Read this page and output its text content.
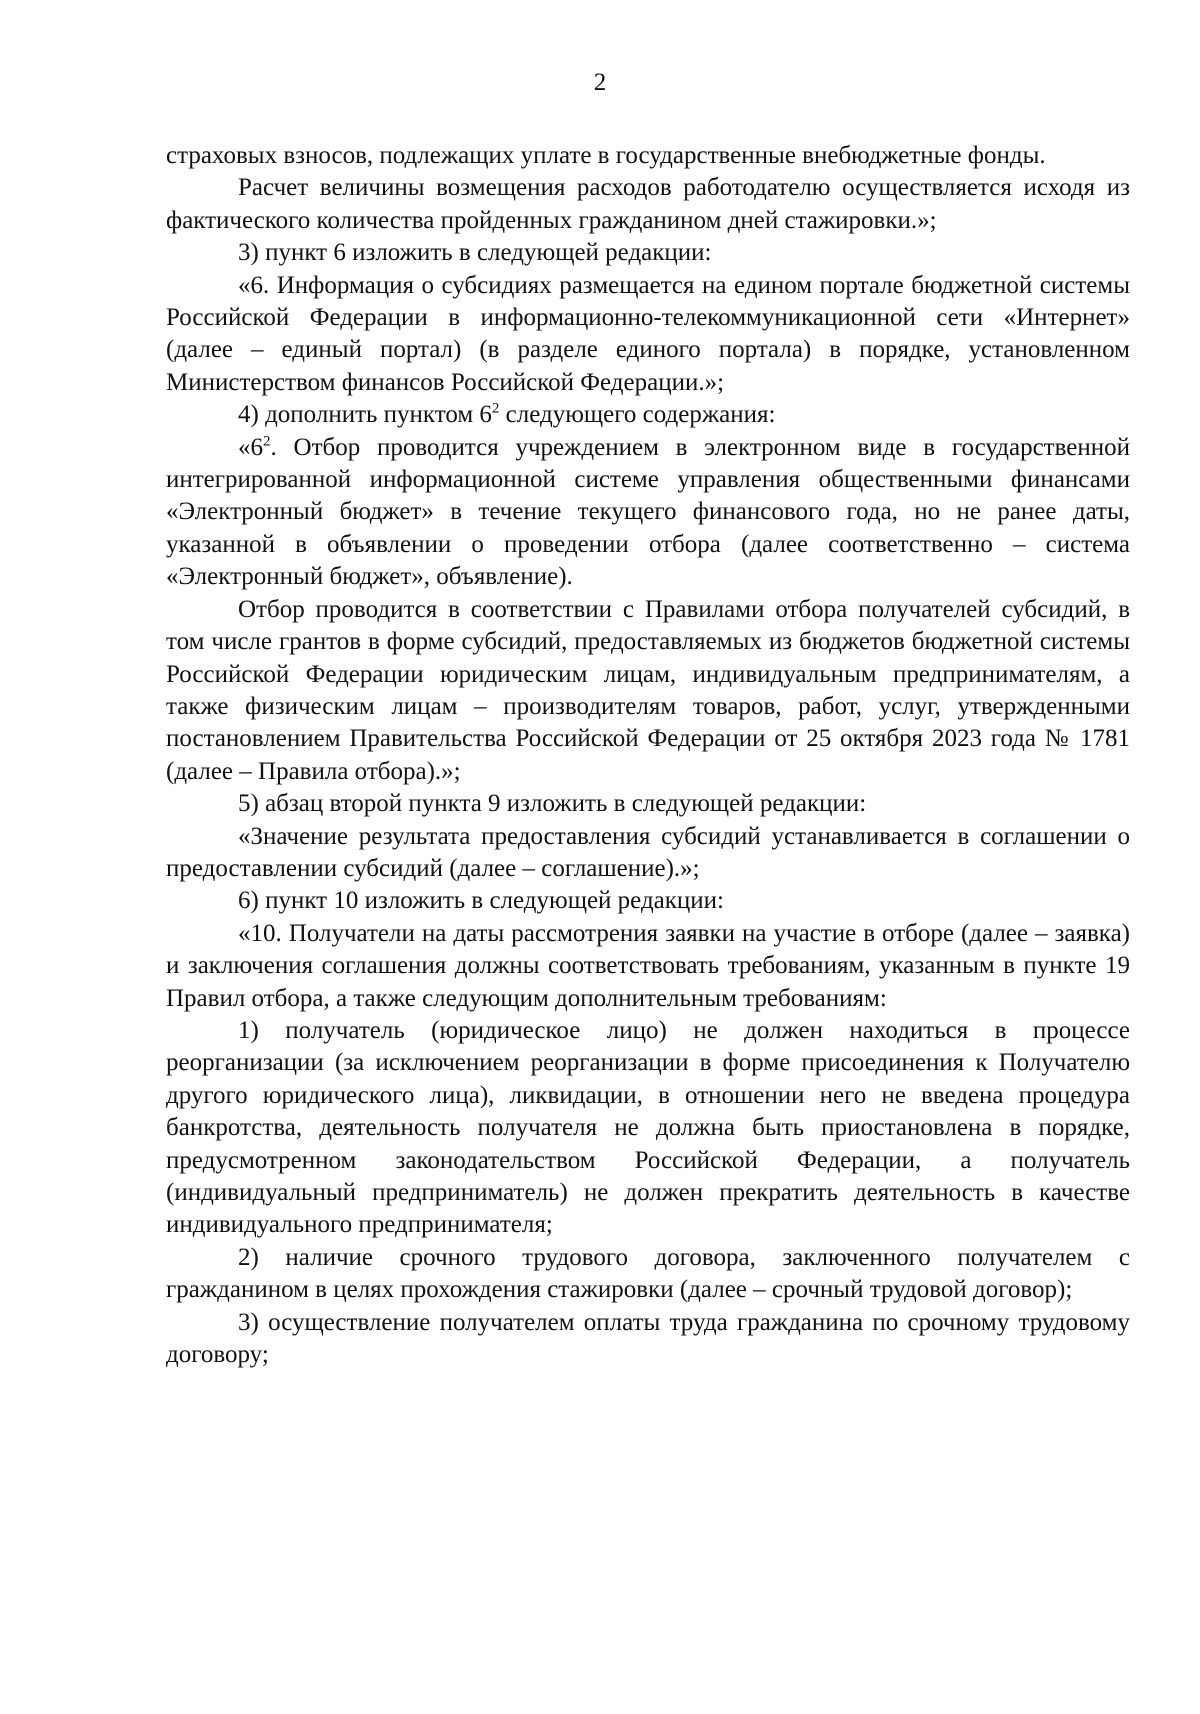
2

страховых взносов, подлежащих уплате в государственные внебюджетные фонды.

Расчет величины возмещения расходов работодателю осуществляется исходя из фактического количества пройденных гражданином дней стажировки.»;

3) пункт 6 изложить в следующей редакции:

«6. Информация о субсидиях размещается на едином портале бюджетной системы Российской Федерации в информационно-телекоммуникационной сети «Интернет» (далее – единый портал) (в разделе единого портала) в порядке, установленном Министерством финансов Российской Федерации.»;

4) дополнить пунктом $6^2$ следующего содержания:

«$6^2$. Отбор проводится учреждением в электронном виде в государственной интегрированной информационной системе управления общественными финансами «Электронный бюджет» в течение текущего финансового года, но не ранее даты, указанной в объявлении о проведении отбора (далее соответственно – система «Электронный бюджет», объявление).

Отбор проводится в соответствии с Правилами отбора получателей субсидий, в том числе грантов в форме субсидий, предоставляемых из бюджетов бюджетной системы Российской Федерации юридическим лицам, индивидуальным предпринимателям, а также физическим лицам – производителям товаров, работ, услуг, утвержденными постановлением Правительства Российской Федерации от 25 октября 2023 года № 1781 (далее – Правила отбора).»;

5) абзац второй пункта 9 изложить в следующей редакции:

«Значение результата предоставления субсидий устанавливается в соглашении о предоставлении субсидий (далее – соглашение).»;

6) пункт 10 изложить в следующей редакции:

«10. Получатели на даты рассмотрения заявки на участие в отборе (далее – заявка) и заключения соглашения должны соответствовать требованиям, указанным в пункте 19 Правил отбора, а также следующим дополнительным требованиям:

1) получатель (юридическое лицо) не должен находиться в процессе реорганизации (за исключением реорганизации в форме присоединения к Получателю другого юридического лица), ликвидации, в отношении него не введена процедура банкротства, деятельность получателя не должна быть приостановлена в порядке, предусмотренном законодательством Российской Федерации, а получатель (индивидуальный предприниматель) не должен прекратить деятельность в качестве индивидуального предпринимателя;

2) наличие срочного трудового договора, заключенного получателем с гражданином в целях прохождения стажировки (далее – срочный трудовой договор);

3) осуществление получателем оплаты труда гражданина по срочному трудовому договору;
